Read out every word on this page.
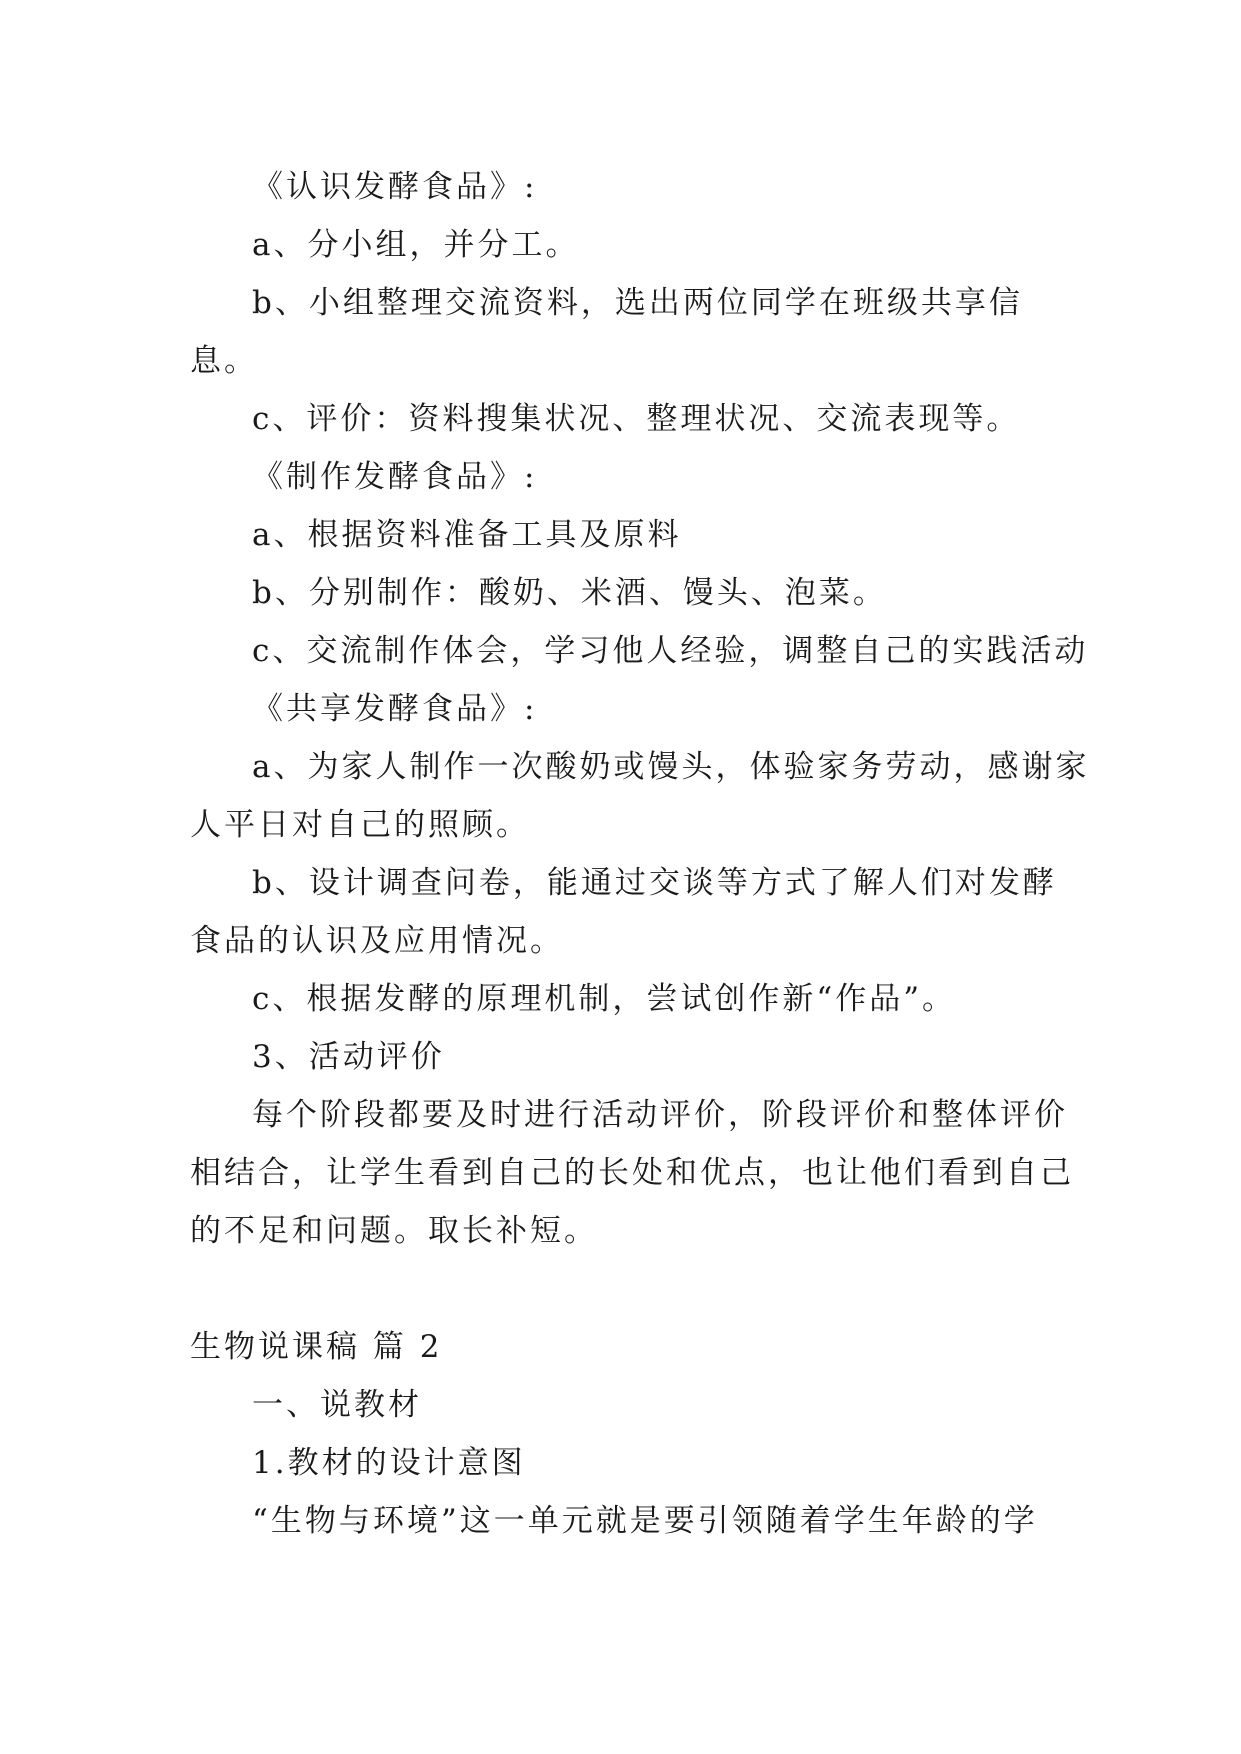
《认识发酵食品》:

a、分小组，并分工。

b、小组整理交流资料，选出两位同学在班级共享信息。

c、评价：资料搜集状况、整理状况、交流表现等。

《制作发酵食品》:

a、根据资料准备工具及原料

b、分别制作：酸奶、米酒、馒头、泡菜。

c、交流制作体会，学习他人经验，调整自己的实践活动

《共享发酵食品》:

a、为家人制作一次酸奶或馒头，体验家务劳动，感谢家人平日对自己的照顾。

b、设计调查问卷，能通过交谈等方式了解人们对发酵食品的认识及应用情况。

c、根据发酵的原理机制，尝试创作新“作品”。

3、活动评价

每个阶段都要及时进行活动评价，阶段评价和整体评价相结合，让学生看到自己的长处和优点，也让他们看到自己的不足和问题。取长补短。

生物说课稿 篇 2

一、说教材

1.教材的设计意图

“生物与环境”这一单元就是要引领随着学生年龄的学
